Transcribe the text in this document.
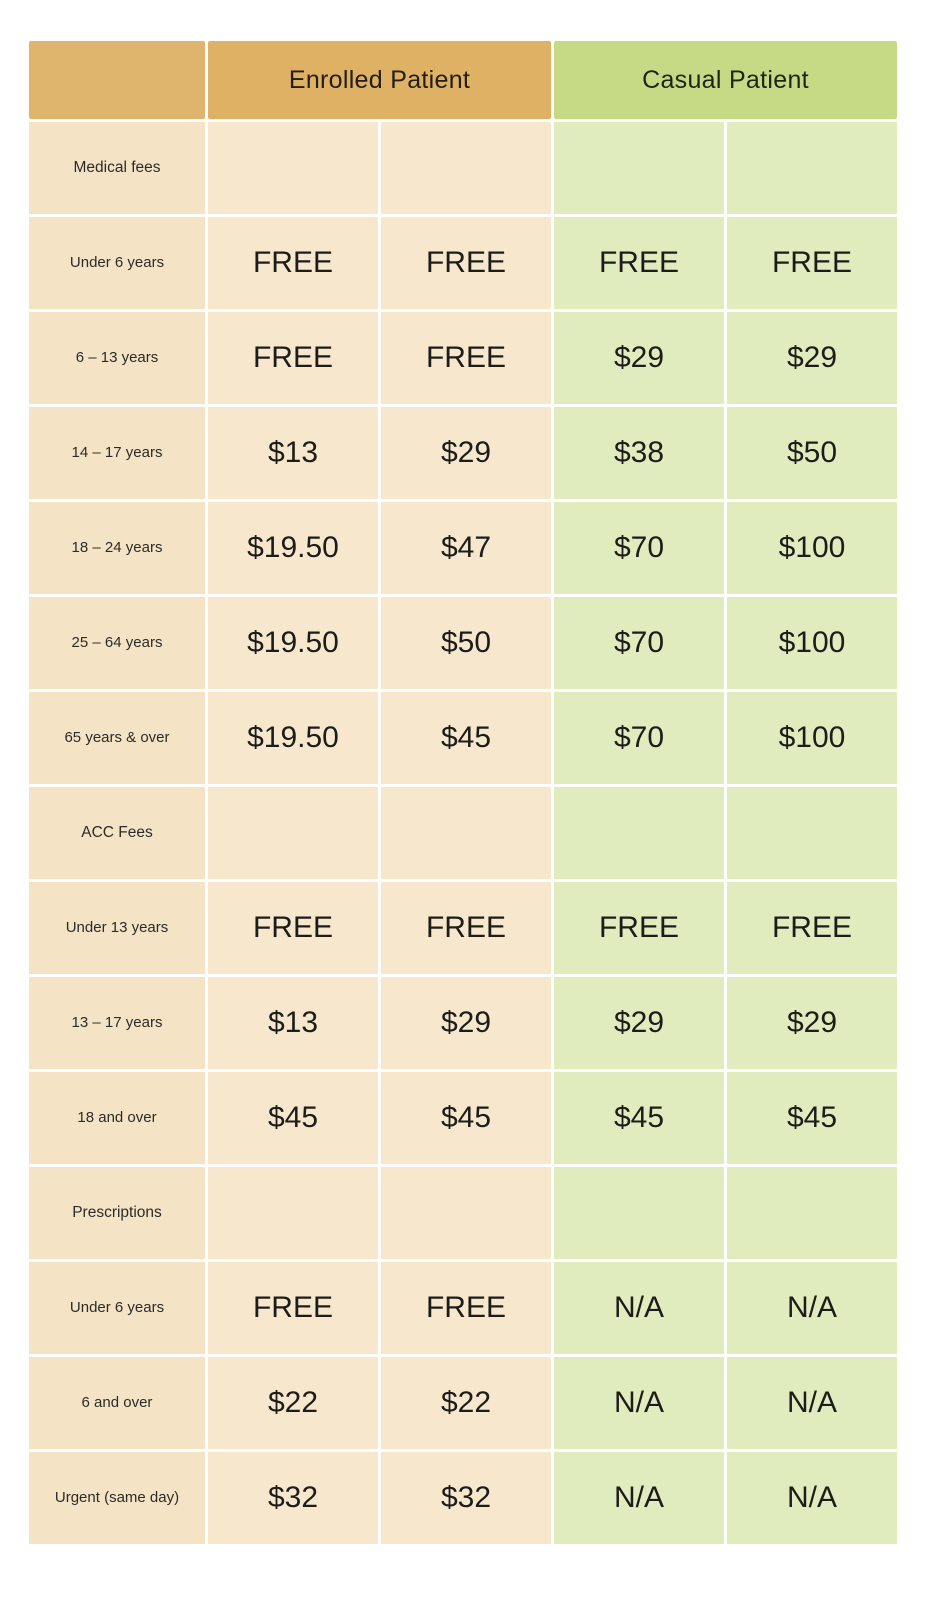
	Enrolled Patient		Casual Patient	
Medical fees				
Under 6 years	FREE	FREE	FREE	FREE
6 – 13 years	FREE	FREE	$29	$29
14 – 17 years	$13	$29	$38	$50
18 – 24 years	$19.50	$47	$70	$100
25 – 64 years	$19.50	$50	$70	$100
65 years & over	$19.50	$45	$70	$100
ACC Fees				
Under 13 years	FREE	FREE	FREE	FREE
13 – 17 years	$13	$29	$29	$29
18 and over	$45	$45	$45	$45
Prescriptions				
Under 6 years	FREE	FREE	N/A	N/A
6 and over	$22	$22	N/A	N/A
Urgent (same day)	$32	$32	N/A	N/A
